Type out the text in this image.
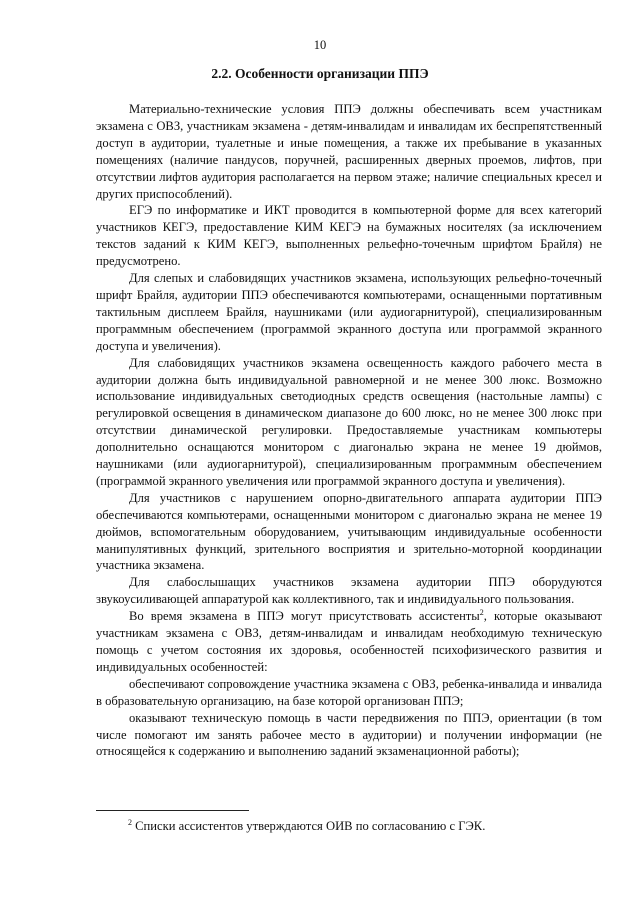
10
2.2. Особенности организации ППЭ

Материально-технические условия ППЭ должны обеспечивать всем участникам экзамена с ОВЗ, участникам экзамена - детям-инвалидам и инвалидам их беспрепятственный доступ в аудитории, туалетные и иные помещения, а также их пребывание в указанных помещениях (наличие пандусов, поручней, расширенных дверных проемов, лифтов, при отсутствии лифтов аудитория располагается на первом этаже; наличие специальных кресел и других приспособлений).

ЕГЭ по информатике и ИКТ проводится в компьютерной форме для всех категорий участников КЕГЭ, предоставление КИМ КЕГЭ на бумажных носителях (за исключением текстов заданий к КИМ КЕГЭ, выполненных рельефно-точечным шрифтом Брайля) не предусмотрено.

Для слепых и слабовидящих участников экзамена, использующих рельефно-точечный шрифт Брайля, аудитории ППЭ обеспечиваются компьютерами, оснащенными портативным тактильным дисплеем Брайля, наушниками (или аудиогарнитурой), специализированным программным обеспечением (программой экранного доступа или программой экранного доступа и увеличения).

Для слабовидящих участников экзамена освещенность каждого рабочего места в аудитории должна быть индивидуальной равномерной и не менее 300 люкс. Возможно использование индивидуальных светодиодных средств освещения (настольные лампы) с регулировкой освещения в динамическом диапазоне до 600 люкс, но не менее 300 люкс при отсутствии динамической регулировки. Предоставляемые участникам компьютеры дополнительно оснащаются монитором с диагональю экрана не менее 19 дюймов, наушниками (или аудиогарнитурой), специализированным программным обеспечением (программой экранного увеличения или программой экранного доступа и увеличения).

Для участников с нарушением опорно-двигательного аппарата аудитории ППЭ обеспечиваются компьютерами, оснащенными монитором с диагональю экрана не менее 19 дюймов, вспомогательным оборудованием, учитывающим индивидуальные особенности манипулятивных функций, зрительного восприятия и зрительно-моторной координации участника экзамена.

Для слабослышащих участников экзамена аудитории ППЭ оборудуются звукоусиливающей аппаратурой как коллективного, так и индивидуального пользования.

Во время экзамена в ППЭ могут присутствовать ассистенты$^2$, которые оказывают участникам экзамена с ОВЗ, детям-инвалидам и инвалидам необходимую техническую помощь с учетом состояния их здоровья, особенностей психофизического развития и индивидуальных особенностей:

обеспечивают сопровождение участника экзамена с ОВЗ, ребенка-инвалида и инвалида в образовательную организацию, на базе которой организован ППЭ;

оказывают техническую помощь в части передвижения по ППЭ, ориентации (в том числе помогают им занять рабочее место в аудитории) и получении информации (не относящейся к содержанию и выполнению заданий экзаменационной работы);

$^2$ Списки ассистентов утверждаются ОИВ по согласованию с ГЭК.
